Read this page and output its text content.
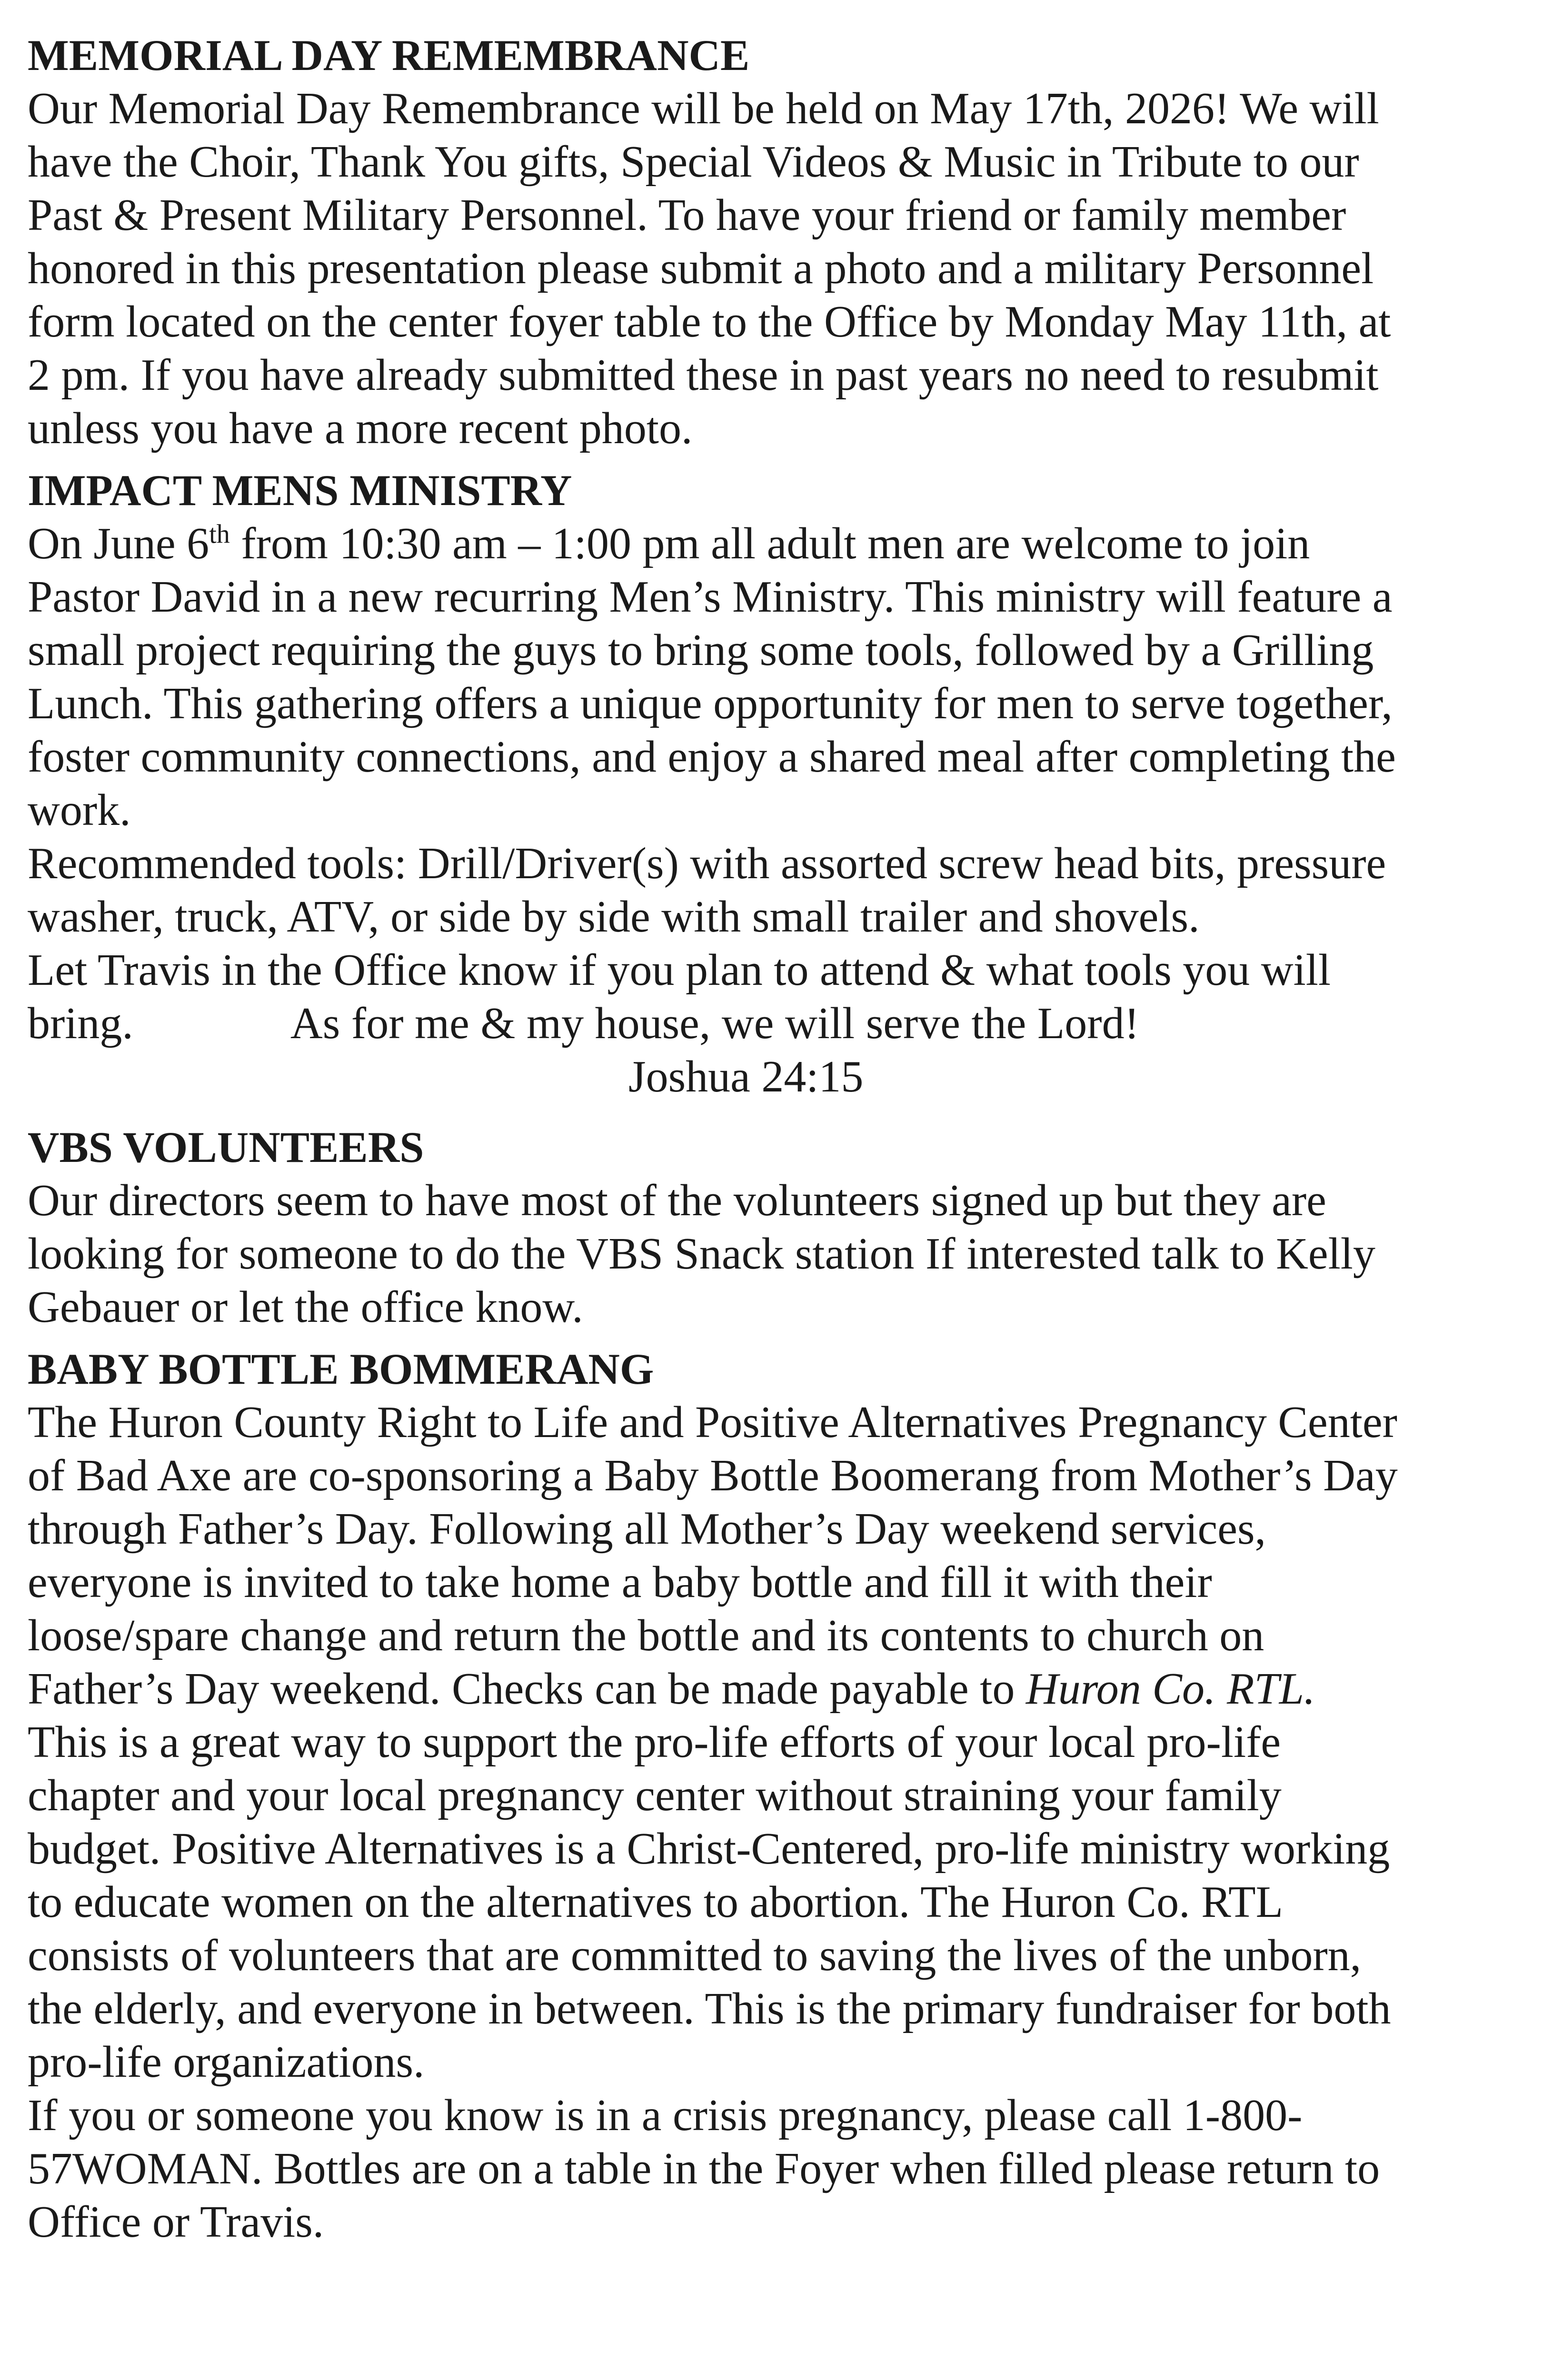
MEMORIAL DAY REMEMBRANCE

Our Memorial Day Remembrance will be held on May 17th, 2026! We will

have the Choir, Thank You gifts, Special Videos & Music in Tribute to our

Past & Present Military Personnel. To have your friend or family member

honored in this presentation please submit a photo and a military Personnel

form located on the center foyer table to the Office by Monday May 11th, at

2 pm. If you have already submitted these in past years no need to resubmit

unless you have a more recent photo.

IMPACT MENS MINISTRY

On June 6th from 10:30 am – 1:00 pm all adult men are welcome to join

Pastor David in a new recurring Men’s Ministry. This ministry will feature a

small project requiring the guys to bring some tools, followed by a Grilling

Lunch. This gathering offers a unique opportunity for men to serve together,

foster community connections, and enjoy a shared meal after completing the

work.

Recommended tools: Drill/Driver(s) with assorted screw head bits, pressure

washer, truck, ATV, or side by side with small trailer and shovels.

Let Travis in the Office know if you plan to attend & what tools you will

bring.	As for me & my house, we will serve the Lord!

Joshua 24:15

VBS VOLUNTEERS

Our directors seem to have most of the volunteers signed up but they are

looking for someone to do the VBS Snack station If interested talk to Kelly

Gebauer or let the office know.

BABY BOTTLE BOMMERANG

The Huron County Right to Life and Positive Alternatives Pregnancy Center

of Bad Axe are co-sponsoring a Baby Bottle Boomerang from Mother’s Day

through Father’s Day. Following all Mother’s Day weekend services,

everyone is invited to take home a baby bottle and fill it with their

loose/spare change and return the bottle and its contents to church on

Father’s Day weekend. Checks can be made payable to Huron Co. RTL.

This is a great way to support the pro-life efforts of your local pro-life

chapter and your local pregnancy center without straining your family

budget. Positive Alternatives is a Christ-Centered, pro-life ministry working

to educate women on the alternatives to abortion. The Huron Co. RTL

consists of volunteers that are committed to saving the lives of the unborn,

the elderly, and everyone in between. This is the primary fundraiser for both

pro-life organizations.

If you or someone you know is in a crisis pregnancy, please call 1-800-

57WOMAN. Bottles are on a table in the Foyer when filled please return to

Office or Travis.
